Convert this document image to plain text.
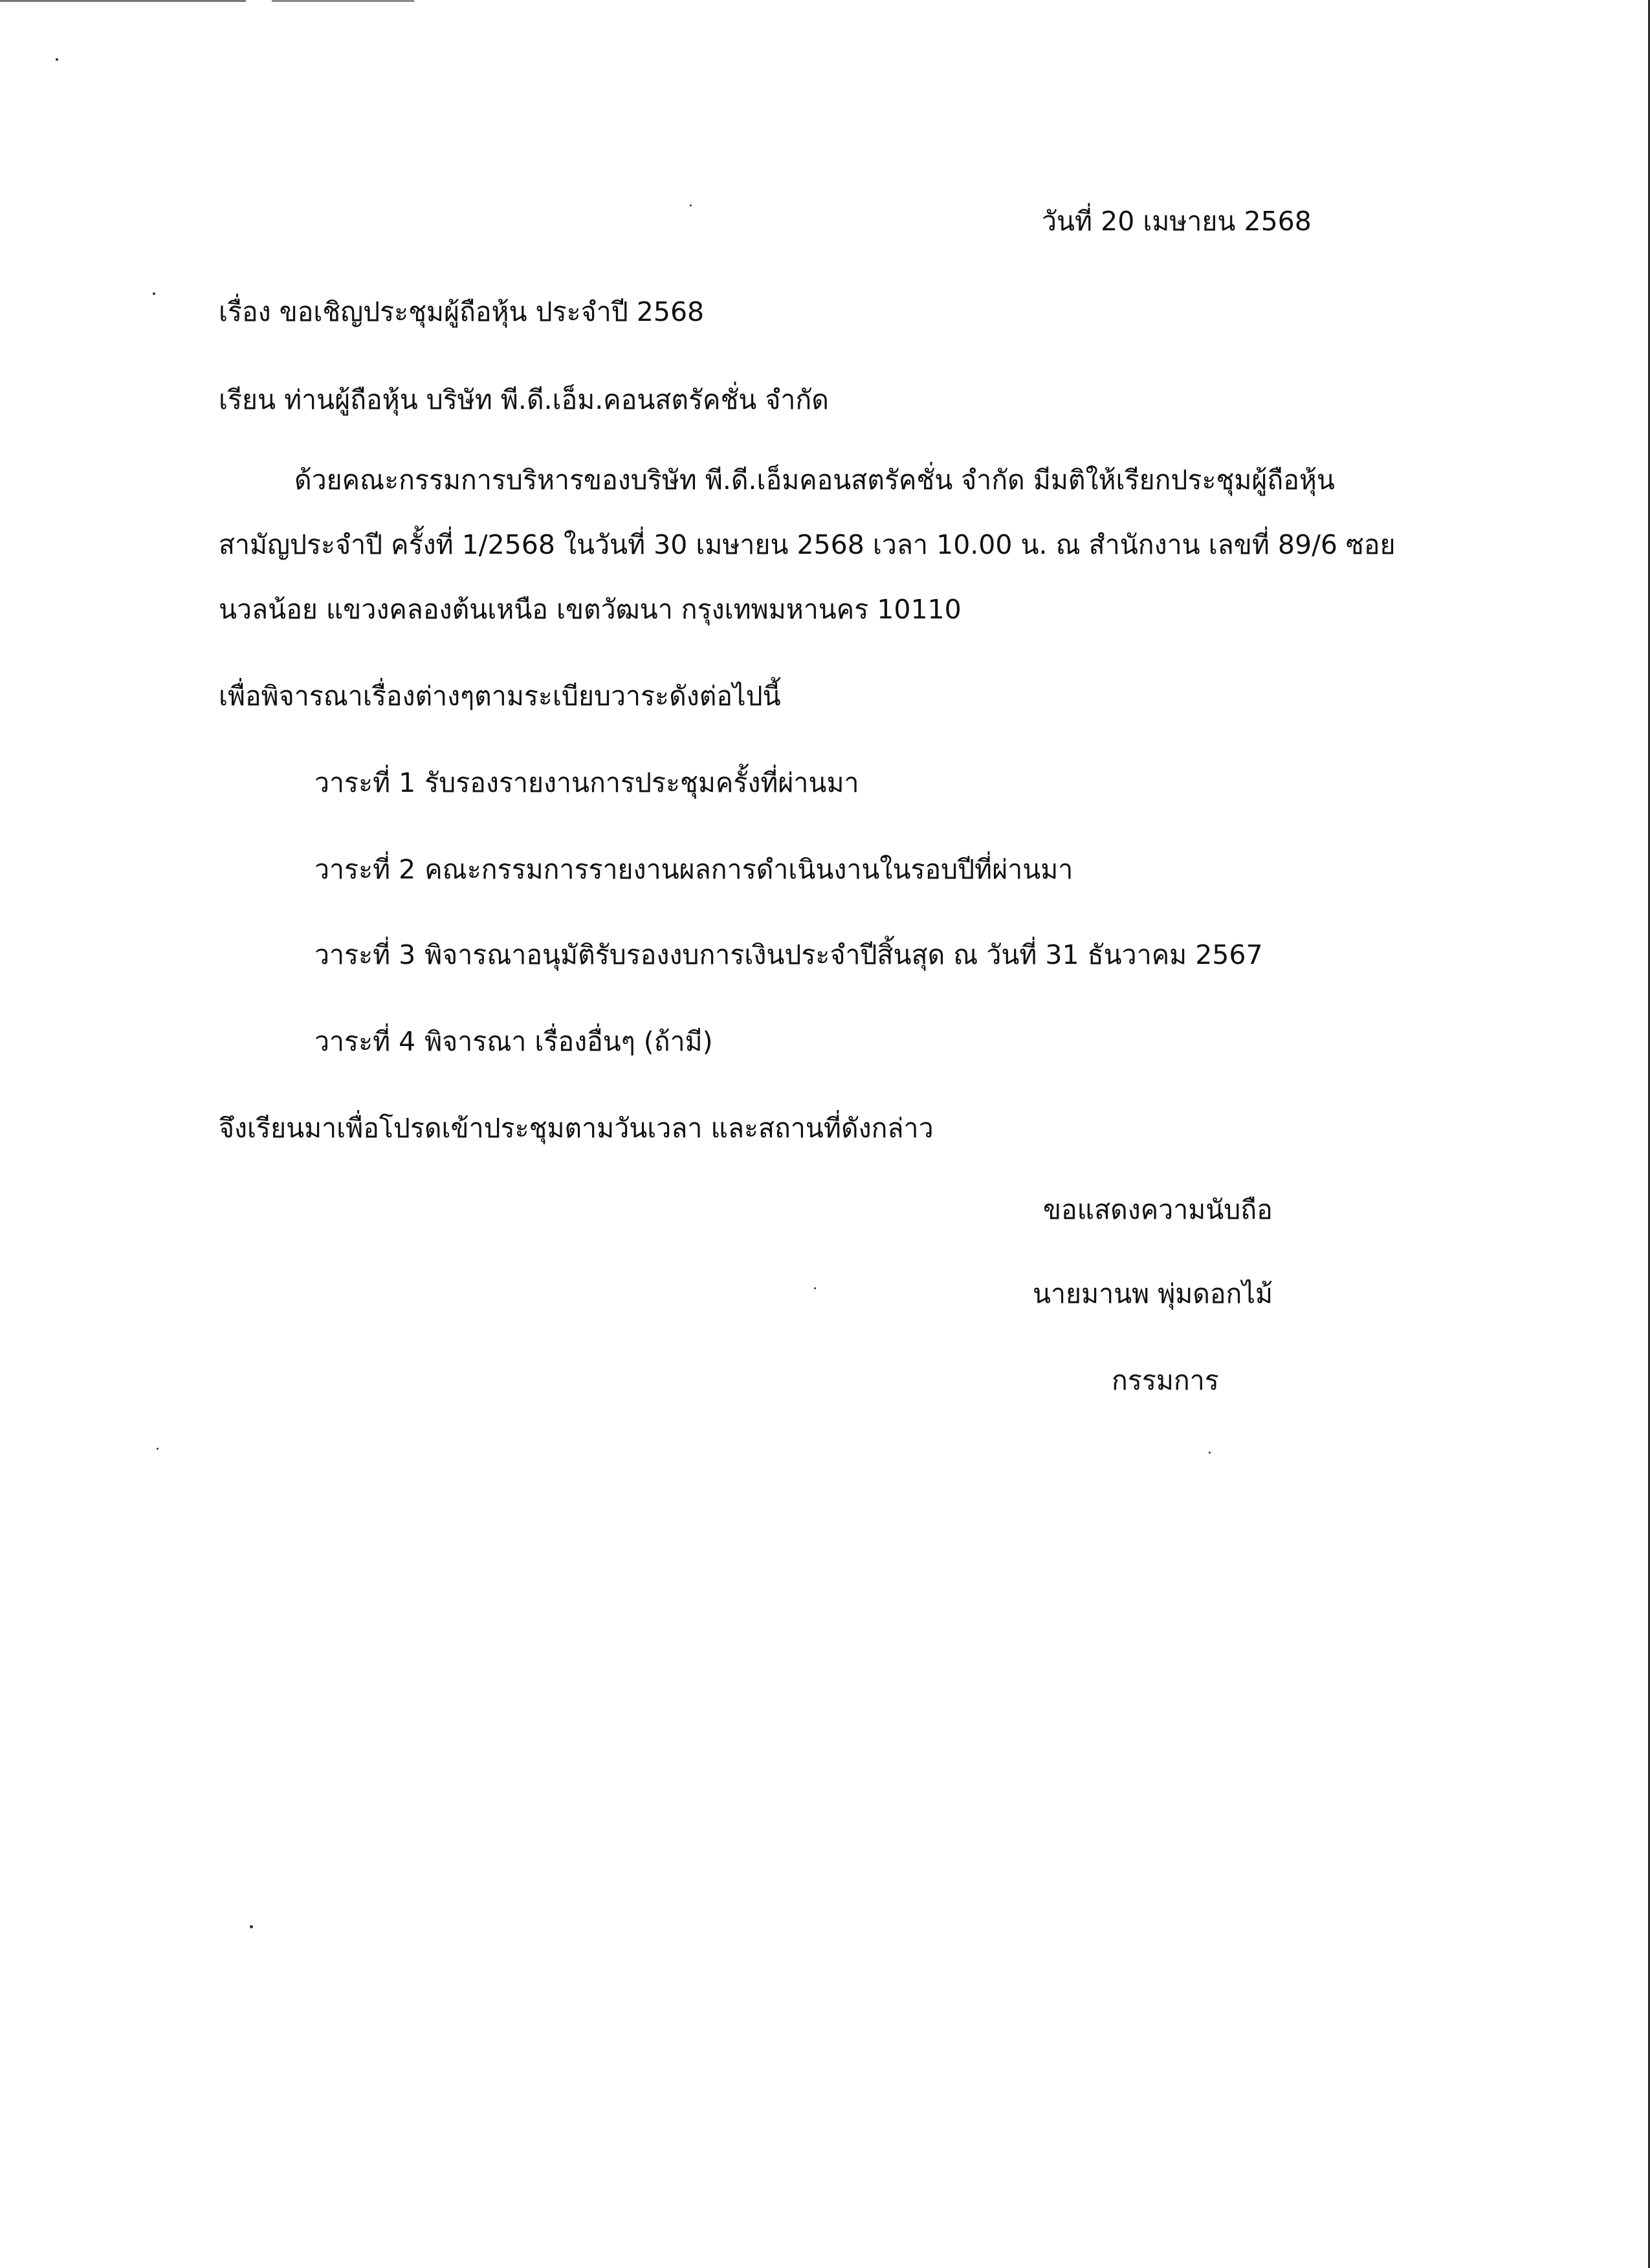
วันที่ 20 เมษายน 2568
เรื่อง ขอเชิญประชุมผู้ถือหุ้น ประจำปี 2568
เรียน ท่านผู้ถือหุ้น บริษัท พี.ดี.เอ็ม.คอนสตรัคชั่น จำกัด
ด้วยคณะกรรมการบริหารของบริษัท พี.ดี.เอ็มคอนสตรัคชั่น จำกัด มีมติให้เรียกประชุมผู้ถือหุ้น
สามัญประจำปี ครั้งที่ 1/2568 ในวันที่ 30 เมษายน 2568 เวลา 10.00 น. ณ สำนักงาน เลขที่ 89/6 ซอย
นวลน้อย แขวงคลองต้นเหนือ เขตวัฒนา กรุงเทพมหานคร 10110
เพื่อพิจารณาเรื่องต่างๆตามระเบียบวาระดังต่อไปนี้
วาระที่ 1 รับรองรายงานการประชุมครั้งที่ผ่านมา
วาระที่ 2 คณะกรรมการรายงานผลการดำเนินงานในรอบปีที่ผ่านมา
วาระที่ 3 พิจารณาอนุมัติรับรองงบการเงินประจำปีสิ้นสุด ณ วันที่ 31 ธันวาคม 2567
วาระที่ 4 พิจารณา เรื่องอื่นๆ (ถ้ามี)
จึงเรียนมาเพื่อโปรดเข้าประชุมตามวันเวลา และสถานที่ดังกล่าว
ขอแสดงความนับถือ
นายมานพ พุ่มดอกไม้
กรรมการ
